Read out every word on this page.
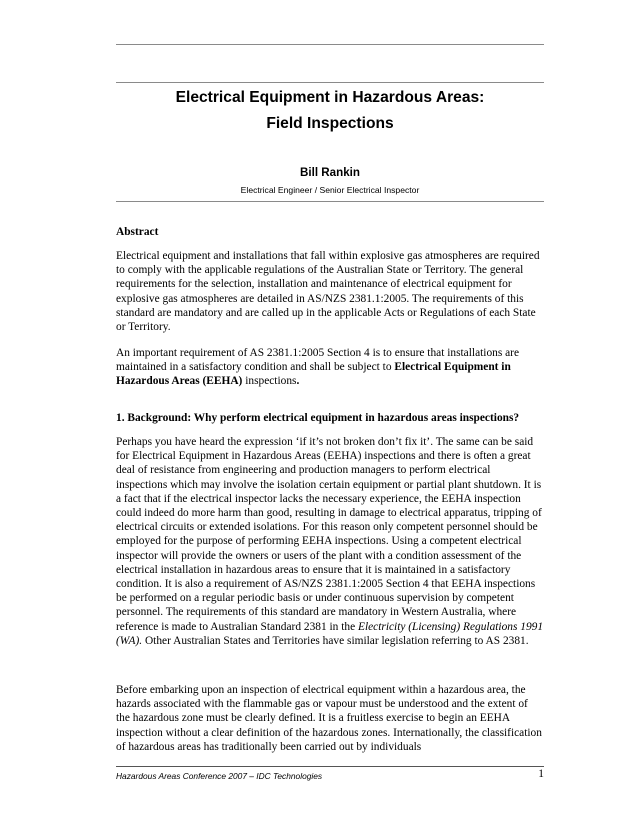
Electrical Equipment in Hazardous Areas:
Field Inspections
Bill Rankin
Electrical Engineer / Senior Electrical Inspector
Abstract
Electrical equipment and installations that fall within explosive gas atmospheres are required to comply with the applicable regulations of the Australian State or Territory. The general requirements for the selection, installation and maintenance of electrical equipment for explosive gas atmospheres are detailed in AS/NZS 2381.1:2005. The requirements of this standard are mandatory and are called up in the applicable Acts or Regulations of each State or Territory.
An important requirement of AS 2381.1:2005 Section 4 is to ensure that installations are maintained in a satisfactory condition and shall be subject to Electrical Equipment in Hazardous Areas (EEHA) inspections.
1. Background: Why perform electrical equipment in hazardous areas inspections?
Perhaps you have heard the expression ‘if it’s not broken don’t fix it’. The same can be said for Electrical Equipment in Hazardous Areas (EEHA) inspections and there is often a great deal of resistance from engineering and production managers to perform electrical inspections which may involve the isolation certain equipment or partial plant shutdown. It is a fact that if the electrical inspector lacks the necessary experience, the EEHA inspection could indeed do more harm than good, resulting in damage to electrical apparatus, tripping of electrical circuits or extended isolations. For this reason only competent personnel should be employed for the purpose of performing EEHA inspections. Using a competent electrical inspector will provide the owners or users of the plant with a condition assessment of the electrical installation in hazardous areas to ensure that it is maintained in a satisfactory condition. It is also a requirement of AS/NZS 2381.1:2005 Section 4 that EEHA inspections be performed on a regular periodic basis or under continuous supervision by competent personnel. The requirements of this standard are mandatory in Western Australia, where reference is made to Australian Standard 2381 in the Electricity (Licensing) Regulations 1991 (WA). Other Australian States and Territories have similar legislation referring to AS 2381.
Before embarking upon an inspection of electrical equipment within a hazardous area, the hazards associated with the flammable gas or vapour must be understood and the extent of the hazardous zone must be clearly defined. It is a fruitless exercise to begin an EEHA inspection without a clear definition of the hazardous zones. Internationally, the classification of hazardous areas has traditionally been carried out by individuals
Hazardous Areas Conference 2007 – IDC Technologies	1
